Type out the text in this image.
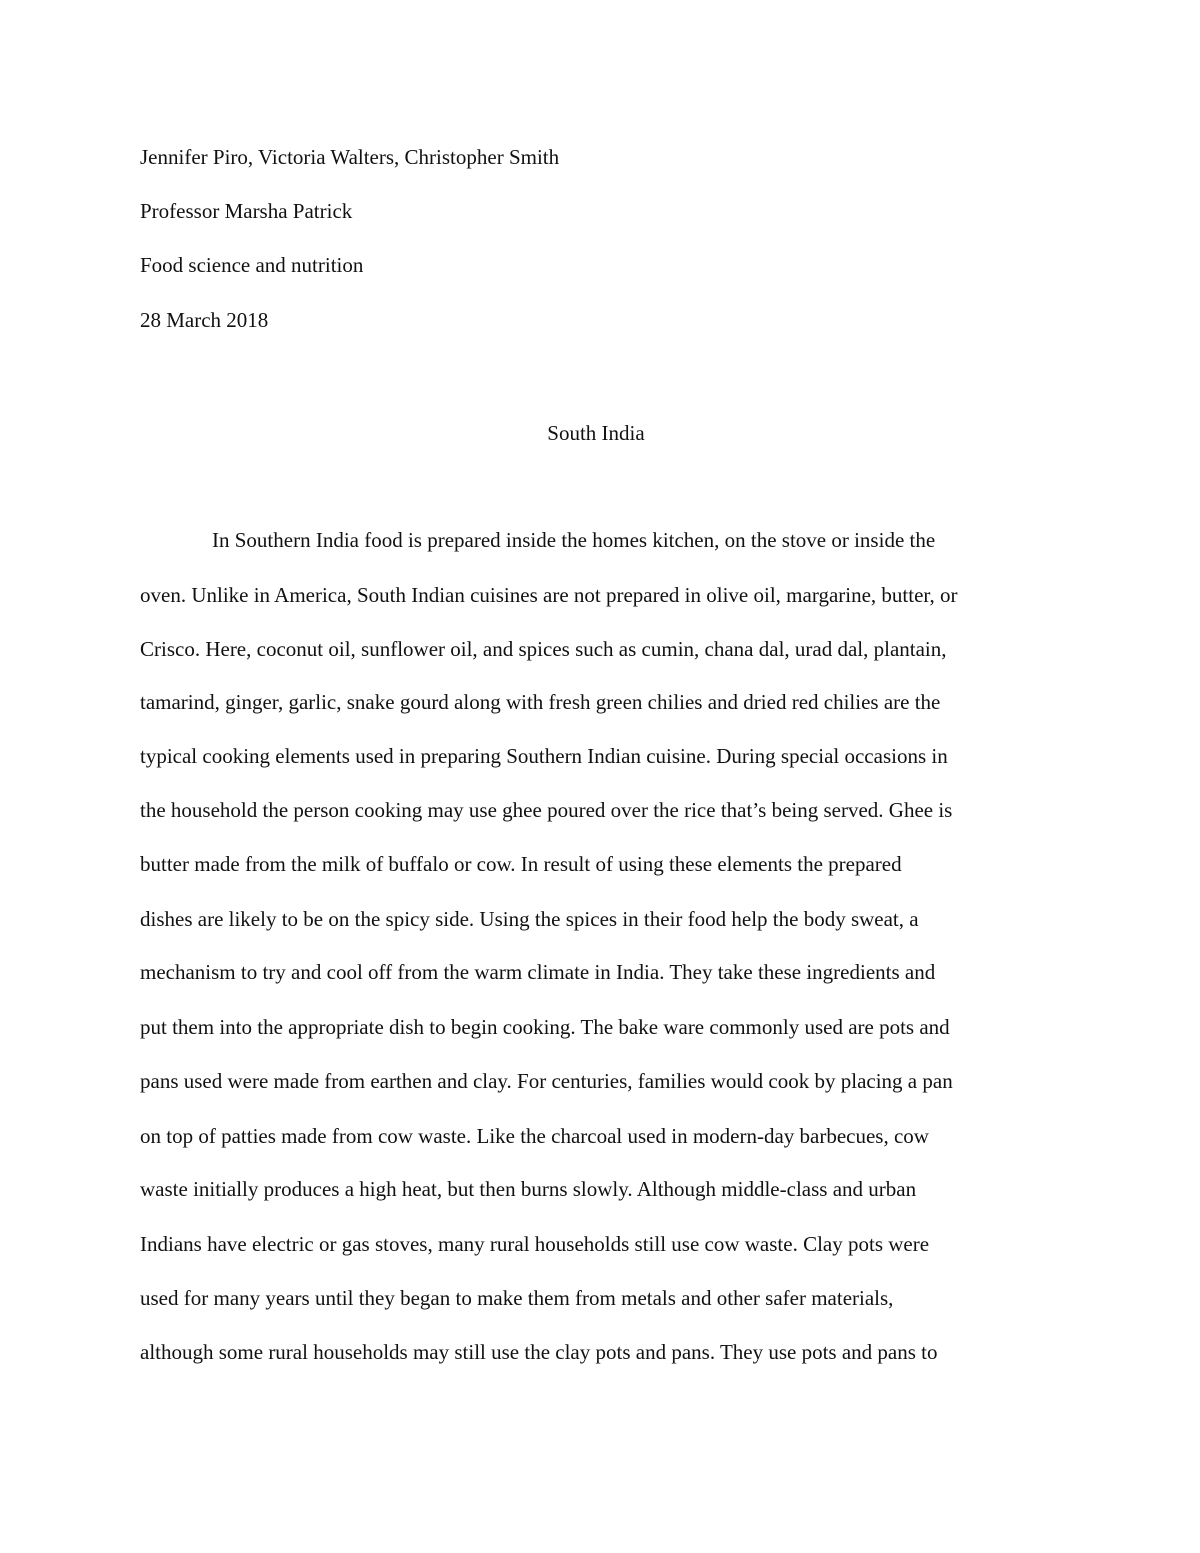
Jennifer Piro, Victoria Walters, Christopher Smith
Professor Marsha Patrick
Food science and nutrition
28 March 2018
South India
In Southern India food is prepared inside the homes kitchen, on the stove or inside the
oven. Unlike in America, South Indian cuisines are not prepared in olive oil, margarine, butter, or
Crisco. Here, coconut oil, sunflower oil, and spices such as cumin, chana dal, urad dal, plantain,
tamarind, ginger, garlic, snake gourd along with fresh green chilies and dried red chilies are the
typical cooking elements used in preparing Southern Indian cuisine. During special occasions in
the household the person cooking may use ghee poured over the rice that’s being served. Ghee is
butter made from the milk of buffalo or cow. In result of using these elements the prepared
dishes are likely to be on the spicy side. Using the spices in their food help the body sweat, a
mechanism to try and cool off from the warm climate in India. They take these ingredients and
put them into the appropriate dish to begin cooking. The bake ware commonly used are pots and
pans used were made from earthen and clay. For centuries, families would cook by placing a pan
on top of patties made from cow waste. Like the charcoal used in modern-day barbecues, cow
waste initially produces a high heat, but then burns slowly. Although middle-class and urban
Indians have electric or gas stoves, many rural households still use cow waste. Clay pots were
used for many years until they began to make them from metals and other safer materials,
although some rural households may still use the clay pots and pans. They use pots and pans to
